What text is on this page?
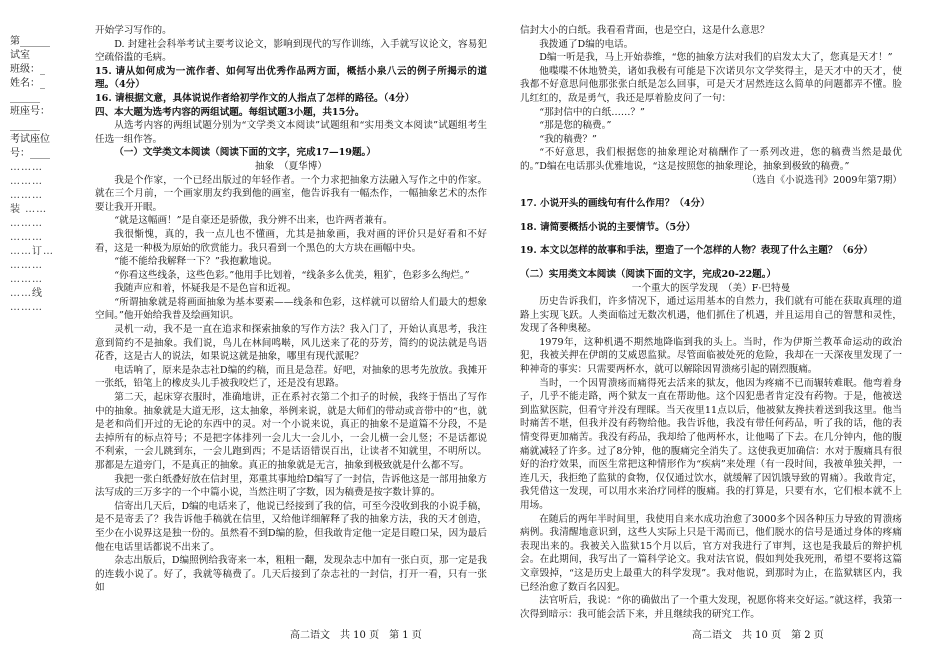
第______
试室
班级：_
姓名：_
______
班座号：
______
考试座位
号：____
………
………
………
装 ……
………
………
……订…
………
………
……线
………

开始学习写作的。

D. 封建社会科举考试主要考议论文，影响到现代的写作训练，入手就写议论文，容易犯空疏俗滥的毛病。

15. 请从如何成为一流作者、如何写出优秀作品两方面，概括小泉八云的例子所揭示的道理。（4分）

16. 请根据文意，具体说说作者给初学作文的人指点了怎样的路径。（4分）

四、本大题为选考内容的两组试题。每组试题3小题，共15分。

从选考内容的两组试题分别为“文学类文本阅读”试题组和“实用类文本阅读”试题组考生任选一组作答。

（一）文学类文本阅读（阅读下面的文字，完成17—19题。）

抽象　（夏华博）

我是个作家，一个已经出版过的年轻作者。一个力求把抽象方法融入写作之中的作家。就在三个月前，一个画家朋友约我到他的画室，他告诉我有一幅杰作，一幅抽象艺术的杰作要让我开开眼。

“就是这幅画！”是自豪还是骄傲，我分辨不出来，也许两者兼有。

我很惭愧，真的，我一点儿也不懂画，尤其是抽象画，我对画的评价只是好看和不好看，这是一种极为原始的欣赏能力。我只看到一个黑色的大方块在画幅中央。

“能不能给我解释一下？”我抱歉地说。

“你看这些线条，这些色彩。”他用手比划着，“线条多么优美，粗犷，色彩多么绚烂。”

我随声应和着，怀疑我是不是色盲和近视。

“所谓抽象就是将画面抽象为基本要素——线条和色彩，这样就可以留给人们最大的想象空间。”他开始给我普及绘画知识。

灵机一动，我不是一直在追求和探索抽象的写作方法？我入门了，开始认真思考，我注意到简约不是抽象。我们说，鸟儿在林间鸣啭，风儿送来了花的芬芳，简约的说法就是鸟语花香，这是古人的说法，如果说这就是抽象，哪里有现代派呢？

电话响了，原来是杂志社D编的约稿，而且是急茬。好吧，对抽象的思考先放放。我摊开一张纸，铅笔上的橡皮头儿手被我咬烂了，还是没有思路。

第二天，起床穿衣服时，准确地讲，正在系衬衣第二个扣子的时候，我终于悟出了写作中的抽象。抽象就是大道无形，这太抽象，举例来说，就是大师们的带动或音带中的“也，就是老和尚们开过的无论的东西中的灵。对一个小说来说，真正的抽象不是道篇不分段，不是去掉所有的标点符号；不是把字体排列一会儿大一会儿小，一会儿横一会儿竖；不是话都说不利索，一会儿跳到东，一会儿跑到西；不是话语错误百出，让读者不知就里，不明所以。那都是左道旁门，不是真正的抽象。真正的抽象就是无言，抽象到极致就是什么都不写。

我把一张白纸叠好放在信封里，郑重其事地给D编写了一封信，告诉他这是一部用抽象方法写成的三万多字的一个中篇小说，当然注明了字数，因为稿费是按字数计算的。

信寄出几天后，D编的电话来了，他说已经接到了我的信，可至今没收到我的小说手稿，是不是寄丢了？我告诉他手稿就在信里，又给他详细解释了我的抽象方法，我的天才创造，至少在小说界这是独一份的。虽然看不到D编的脸，但我敢肯定他一定是目瞪口呆，因为最后他在电话里话都说不出来了。

杂志出版后，D编照例给我寄来一本，粗粗一翻，发现杂志中加有一张白页，那一定是我的连载小说了。好了，我就等稿费了。几天后接到了杂志社的一封信，打开一看，只有一张如

信封大小的白纸。我看看背面，也是空白，这是什么意思？

我拨通了D编的电话。

D编一听是我，马上开始恭维，“您的抽象方法对我们的启发太大了，您真是天才！”

他喋喋不休地赞美，诸如我极有可能是下次诺贝尔文学奖得主，是天才中的天才，使我都不好意思问他那张张白纸是怎么回事，可是天才居然连这么简单的问题都弄不懂。脸儿红红的，敌是勇气，我还是厚着脸皮问了一句：

“那封信中的白纸……？”

“那是您的稿费。”

“我的稿费？”

“不好意思，我们根据您的抽象理论对稿酬作了一系列改进，您的稿费当然是最优的。”D编在电话那头优雅地说，“这是按照您的抽象理论，抽象到极致的稿费。”

（选自《小说选刊》2009年第7期）

17. 小说开头的画线句有什么作用？（4分）

18. 请简要概括小说的主要情节。（5分）

19. 本文以怎样的故事和手法，塑造了一个怎样的人物？表现了什么主题？（6分）

（二）实用类文本阅读（阅读下面的文字，完成20-22题。）

一个重大的医学发现　（美）F·巴特曼

历史告诉我们，许多情况下，通过运用基本的自然力，我们就有可能在获取真理的道路上实现飞跃。人类面临过无数次机遇，他们抓住了机遇，并且运用自己的智慧和灵性，发现了各种奥秘。

1979年，这种机遇不期然地降临到我的头上。当时，作为伊斯兰教革命运动的政治犯，我被关押在伊朗的艾威恩监狱。尽管面临被处死的危险，我却在一天深夜里发现了一种神奇的事实：只需要两杯水，就可以解除因胃溃疡引起的剧烈腹痛。

当时，一个因胃溃疡而痛得死去活来的狱友，他因为疼痛不已而辗转难眠。他弯着身子，几乎不能走路，两个狱友一直在帮助他。这个囚犯患者肯定没有药物。于是，他被送到监狱医院，但看守并没有理睬。当天夜里11点以后，他被狱友搀扶着送到我这里。他当时痛苦不堪，但我并没有药物给他。我告诉他，我没有带任何药品，听了我的话，他的表情变得更加痛苦。我没有药品，我却给了他两杯水，让他喝了下去。在几分钟内，他的腹痛就减轻了许多。过了8分钟，他的腹痛完全消失了。这使我更加确信：水对于腹痛具有很好的治疗效果，而医生常把这种情形作为“疾病”来处理（有一段时间，我被单独关押，一连几天，我拒绝了监狱的食物，仅仅通过饮水，就缓解了因饥饿导致的胃痛）。我敢肯定，我凭借这一发现，可以用水来治疗同样的腹痛。我的打算是，只要有水，它们根本就不上用场。

在随后的两年半时间里，我使用自来水成功治愈了3000多个因各种压力导致的胃溃疡病例。我清醒地意识到，这些人实际上只是干渴而已，他们脱水的信号是通过身体的疼痛表现出来的。我被关入监狱15个月以后，官方对我进行了审判，这也是我最后的辩护机会。在此期间，我写出了一篇科学论文。我对法官说，假如判处我死刑，希望不要将这篇文章毁掉，“这是历史上最重大的科学发现”。我对他说，到那时为止，在监狱辖区内，我已经治愈了数百名囚犯。

法官听后，我说：“你的确做出了一个重大发现，祝愿你将来交好运。”就这样，我第一次得到暗示：我可能会活下来，并且继续我的研究工作。

高二语文　共 10 页　第 1 页	高二语文　共 10 页　第 2 页
